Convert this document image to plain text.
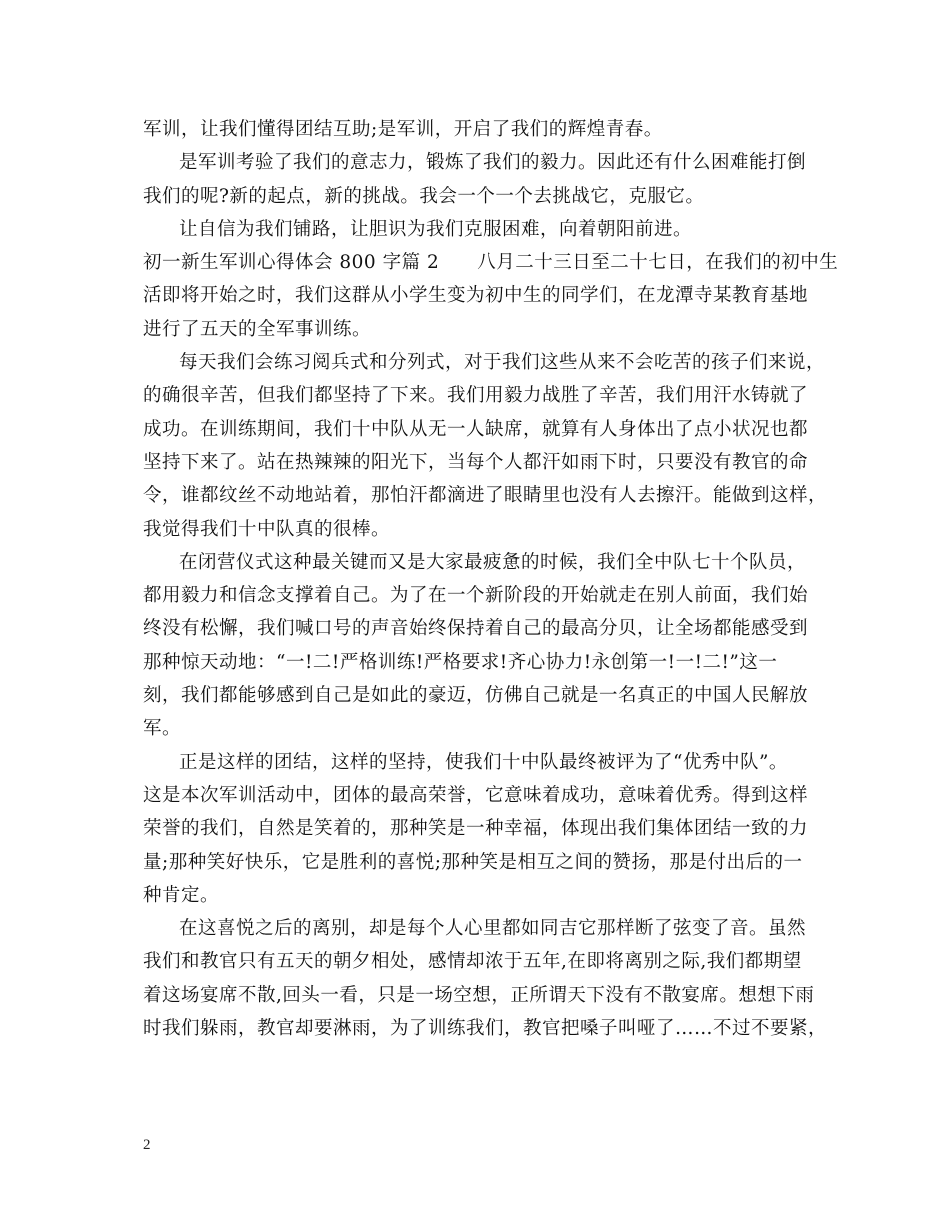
军训，让我们懂得团结互助;是军训，开启了我们的辉煌青春。
是军训考验了我们的意志力，锻炼了我们的毅力。因此还有什么困难能打倒
我们的呢?新的起点，新的挑战。我会一个一个去挑战它，克服它。
让自信为我们铺路，让胆识为我们克服困难，向着朝阳前进。
初一新生军训心得体会 800 字篇 2　　八月二十三日至二十七日，在我们的初中生
活即将开始之时，我们这群从小学生变为初中生的同学们，在龙潭寺某教育基地
进行了五天的全军事训练。
每天我们会练习阅兵式和分列式，对于我们这些从来不会吃苦的孩子们来说，
的确很辛苦，但我们都坚持了下来。我们用毅力战胜了辛苦，我们用汗水铸就了
成功。在训练期间，我们十中队从无一人缺席，就算有人身体出了点小状况也都
坚持下来了。站在热辣辣的阳光下，当每个人都汗如雨下时，只要没有教官的命
令，谁都纹丝不动地站着，那怕汗都滴进了眼睛里也没有人去擦汗。能做到这样，
我觉得我们十中队真的很棒。
在闭营仪式这种最关键而又是大家最疲惫的时候，我们全中队七十个队员，
都用毅力和信念支撑着自己。为了在一个新阶段的开始就走在别人前面，我们始
终没有松懈，我们喊口号的声音始终保持着自己的最高分贝，让全场都能感受到
那种惊天动地：“一!二!严格训练!严格要求!齐心协力!永创第一!一!二!”这一
刻，我们都能够感到自己是如此的豪迈，仿佛自己就是一名真正的中国人民解放
军。
正是这样的团结，这样的坚持，使我们十中队最终被评为了“优秀中队”。
这是本次军训活动中，团体的最高荣誉，它意味着成功，意味着优秀。得到这样
荣誉的我们，自然是笑着的，那种笑是一种幸福，体现出我们集体团结一致的力
量;那种笑好快乐，它是胜利的喜悦;那种笑是相互之间的赞扬，那是付出后的一
种肯定。
在这喜悦之后的离别，却是每个人心里都如同吉它那样断了弦变了音。虽然
我们和教官只有五天的朝夕相处，感情却浓于五年,在即将离别之际,我们都期望
着这场宴席不散,回头一看，只是一场空想，正所谓天下没有不散宴席。想想下雨
时我们躲雨，教官却要淋雨，为了训练我们，教官把嗓子叫哑了……不过不要紧，
2
